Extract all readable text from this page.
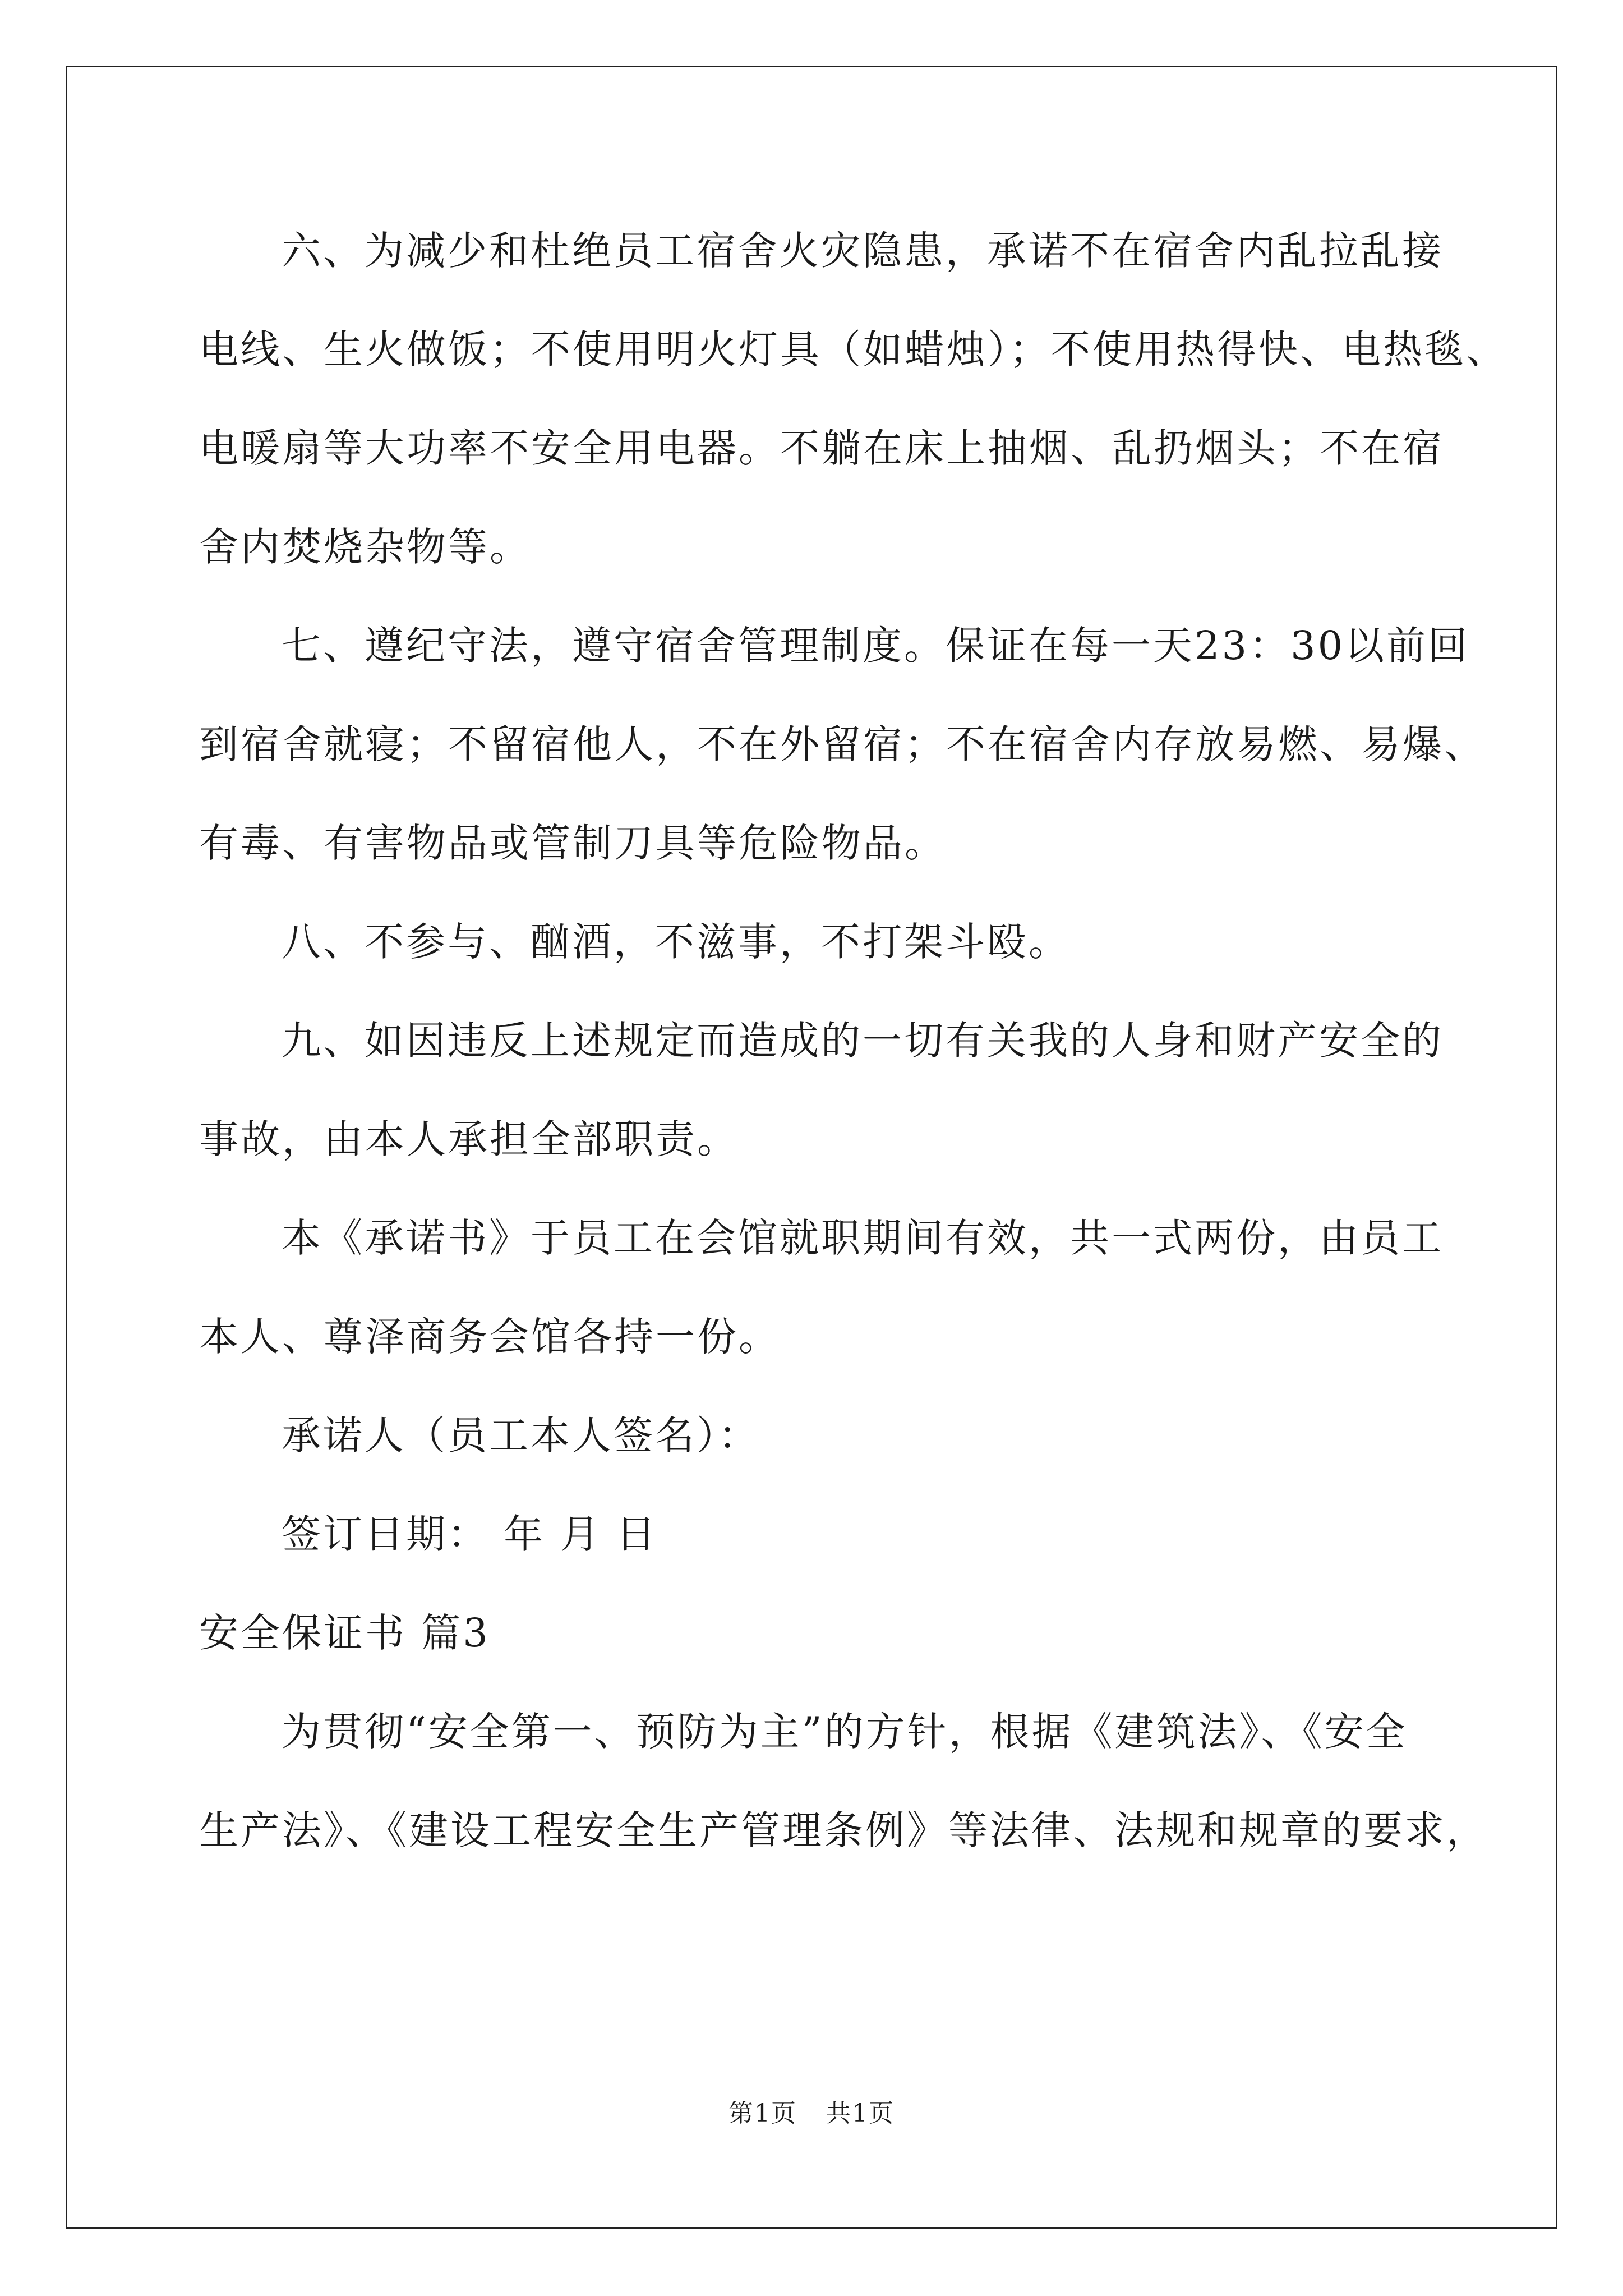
六、为减少和杜绝员工宿舍火灾隐患，承诺不在宿舍内乱拉乱接
电线、生火做饭；不使用明火灯具（如蜡烛）；不使用热得快、电热毯、
电暖扇等大功率不安全用电器。不躺在床上抽烟、乱扔烟头；不在宿
舍内焚烧杂物等。
七、遵纪守法，遵守宿舍管理制度。保证在每一天23：30以前回
到宿舍就寝；不留宿他人，不在外留宿；不在宿舍内存放易燃、易爆、
有毒、有害物品或管制刀具等危险物品。
八、不参与、酗酒，不滋事，不打架斗殴。
九、如因违反上述规定而造成的一切有关我的人身和财产安全的
事故，由本人承担全部职责。
本《承诺书》于员工在会馆就职期间有效，共一式两份，由员工
本人、尊泽商务会馆各持一份。
承诺人（员工本人签名）：
签订日期： 年 月 日
安全保证书 篇3
为贯彻“安全第一、预防为主”的方针，根据《建筑法》、《安全
生产法》、《建设工程安全生产管理条例》等法律、法规和规章的要求，
第1页 共1页
